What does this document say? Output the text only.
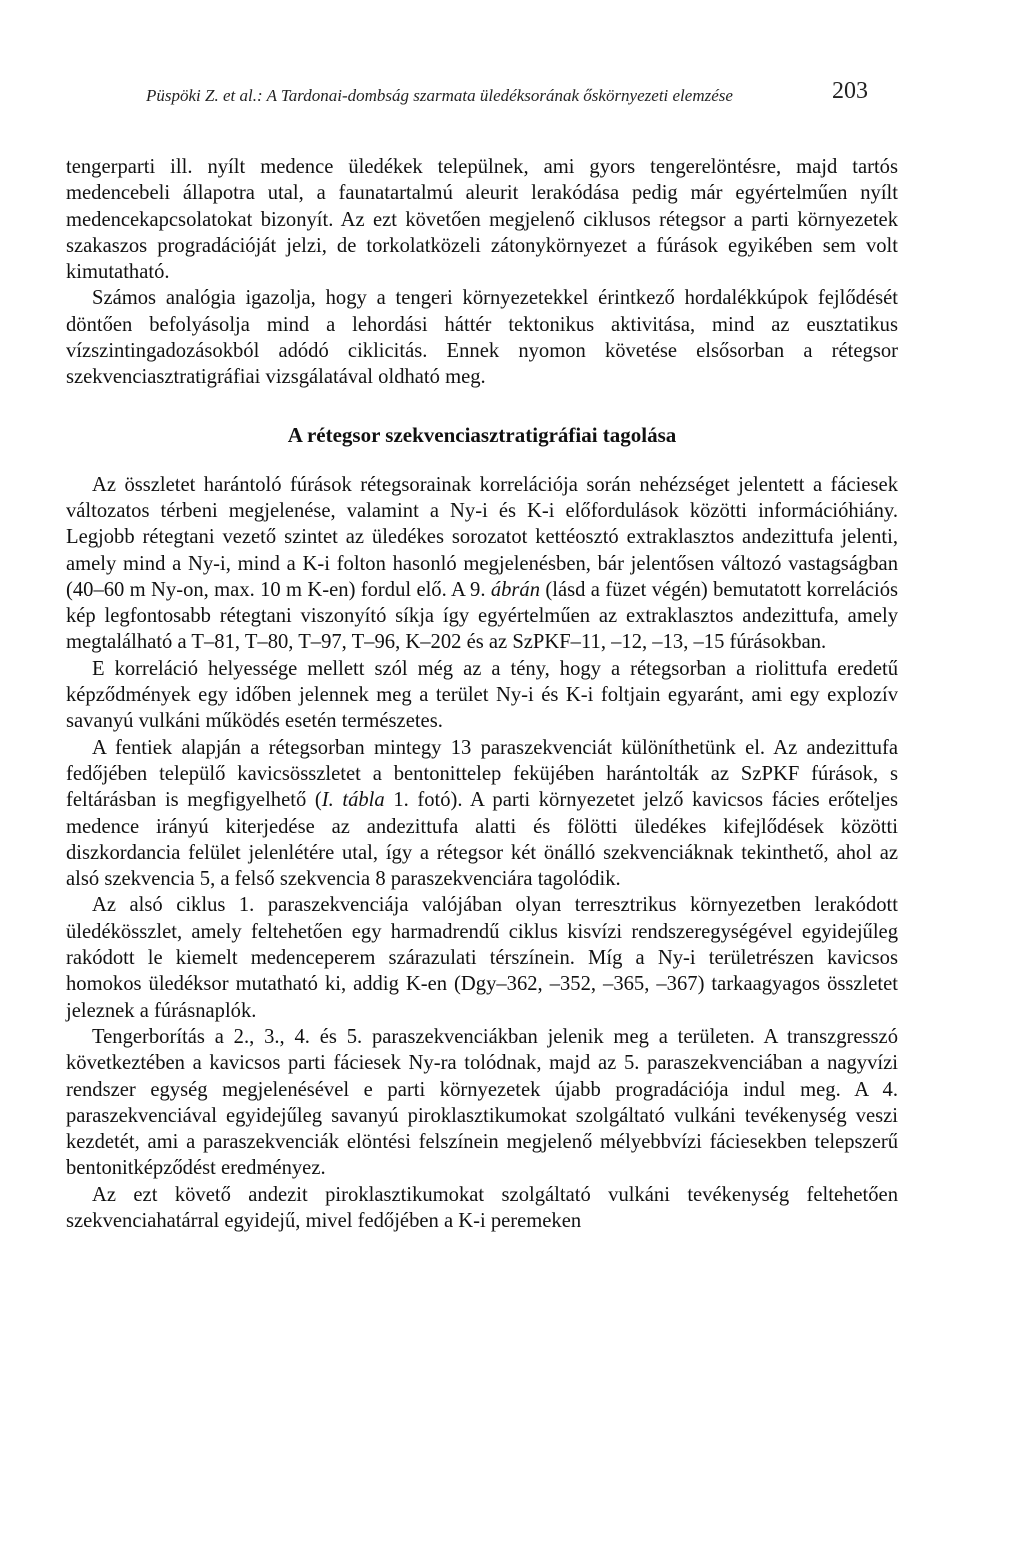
Püspöki Z. et al.: A Tardonai-dombság szarmata üledéksorának őskörnyezeti elemzése	203

tengerparti ill. nyílt medence üledékek települnek, ami gyors tengerelöntésre, majd tartós medencebeli állapotra utal, a faunatartalmú aleurit lerakódása pedig már egyértelműen nyílt medencekapcsolatokat bizonyít. Az ezt követően megjelenő ciklusos rétegsor a parti környezetek szakaszos progradációját jelzi, de torkolatközeli zátonykörnyezet a fúrások egyikében sem volt kimutatható.

Számos analógia igazolja, hogy a tengeri környezetekkel érintkező hordalékkúpok fejlődését döntően befolyásolja mind a lehordási háttér tektonikus aktivitása, mind az eusztatikus vízszintingadozásokból adódó ciklicitás. Ennek nyomon követése elsősorban a rétegsor szekvenciasztratigráfiai vizsgálatával oldható meg.

A rétegsor szekvenciasztratigráfiai tagolása

Az összletet harántoló fúrások rétegsorainak korrelációja során nehézséget jelentett a fáciesek változatos térbeni megjelenése, valamint a Ny-i és K-i előfordulások közötti információhiány. Legjobb rétegtani vezető szintet az üledékes sorozatot kettéosztó extraklasztos andezittufa jelenti, amely mind a Ny-i, mind a K-i folton hasonló megjelenésben, bár jelentősen változó vastagságban (40–60 m Ny-on, max. 10 m K-en) fordul elő. A 9. ábrán (lásd a füzet végén) bemutatott korrelációs kép legfontosabb rétegtani viszonyító síkja így egyértelműen az extraklasztos andezittufa, amely megtalálható a T–81, T–80, T–97, T–96, K–202 és az SzPKF–11, –12, –13, –15 fúrásokban.

E korreláció helyessége mellett szól még az a tény, hogy a rétegsorban a riolittufa eredetű képződmények egy időben jelennek meg a terület Ny-i és K-i foltjain egyaránt, ami egy explozív savanyú vulkáni működés esetén természetes.

A fentiek alapján a rétegsorban mintegy 13 paraszekvenciát különíthetünk el. Az andezittufa fedőjében települő kavicsösszletet a bentonittelep feküjében harántolták az SzPKF fúrások, s feltárásban is megfigyelhető (I. tábla 1. fotó). A parti környezetet jelző kavicsos fácies erőteljes medence irányú kiterjedése az andezittufa alatti és fölötti üledékes kifejlődések közötti diszkordancia felület jelenlétére utal, így a rétegsor két önálló szekvenciáknak tekinthető, ahol az alsó szekvencia 5, a felső szekvencia 8 paraszekvenciára tagolódik.

Az alsó ciklus 1. paraszekvenciája valójában olyan terresztrikus környezetben lerakódott üledékösszlet, amely feltehetően egy harmadrendű ciklus kisvízi rendszeregységével egyidejűleg rakódott le kiemelt medenceperem szárazulati térszínein. Míg a Ny-i területrészen kavicsos homokos üledéksor mutatható ki, addig K-en (Dgy–362, –352, –365, –367) tarkaagyagos összletet jeleznek a fúrásnaplók.

Tengerborítás a 2., 3., 4. és 5. paraszekvenciákban jelenik meg a területen. A transzgresszó következtében a kavicsos parti fáciesek Ny-ra tolódnak, majd az 5. paraszekvenciában a nagyvízi rendszer egység megjelenésével e parti környezetek újabb progradációja indul meg. A 4. paraszekvenciával egyidejűleg savanyú piroklasztikumokat szolgáltató vulkáni tevékenység veszi kezdetét, ami a paraszekvenciák elöntési felszínein megjelenő mélyebbvízi fáciesekben telepszerű bentonitképződést eredményez.

Az ezt követő andezit piroklasztikumokat szolgáltató vulkáni tevékenység feltehetően szekvenciahatárral egyidejű, mivel fedőjében a K-i peremeken
